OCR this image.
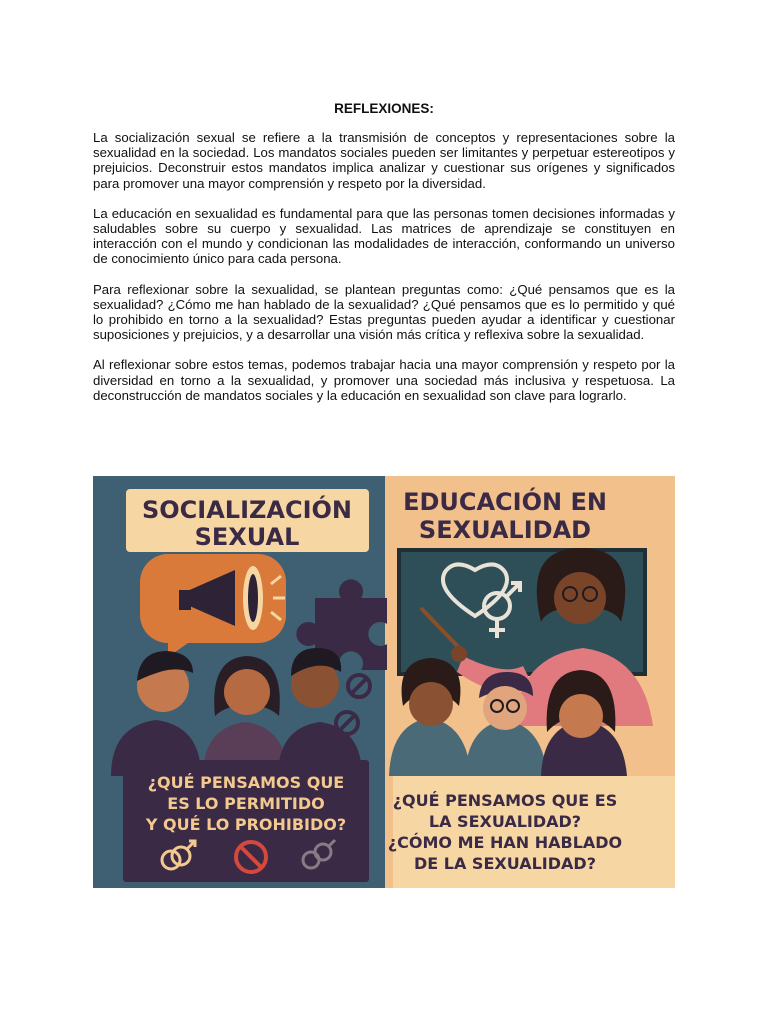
REFLEXIONES:

La socialización sexual se refiere a la transmisión de conceptos y representaciones sobre la sexualidad en la sociedad. Los mandatos sociales pueden ser limitantes y perpetuar estereotipos y prejuicios. Deconstruir estos mandatos implica analizar y cuestionar sus orígenes y significados para promover una mayor comprensión y respeto por la diversidad.

La educación en sexualidad es fundamental para que las personas tomen decisiones informadas y saludables sobre su cuerpo y sexualidad. Las matrices de aprendizaje se constituyen en interacción con el mundo y condicionan las modalidades de interacción, conformando un universo de conocimiento único para cada persona.

Para reflexionar sobre la sexualidad, se plantean preguntas como: ¿Qué pensamos que es la sexualidad? ¿Cómo me han hablado de la sexualidad? ¿Qué pensamos que es lo permitido y qué lo prohibido en torno a la sexualidad? Estas preguntas pueden ayudar a identificar y cuestionar suposiciones y prejuicios, y a desarrollar una visión más crítica y reflexiva sobre la sexualidad.

Al reflexionar sobre estos temas, podemos trabajar hacia una mayor comprensión y respeto por la diversidad en torno a la sexualidad, y promover una sociedad más inclusiva y respetuosa. La deconstrucción de mandatos sociales y la educación en sexualidad son clave para lograrlo.

SOCIALIZACIÓN
SEXUAL
¿QUÉ PENSAMOS QUE
ES LO PERMITIDO
Y QUÉ LO PROHIBIDO?
EDUCACIÓN EN
SEXUALIDAD
¿QUÉ PENSAMOS QUE ES
LA SEXUALIDAD?
¿CÓMO ME HAN HABLADO
DE LA SEXUALIDAD?
